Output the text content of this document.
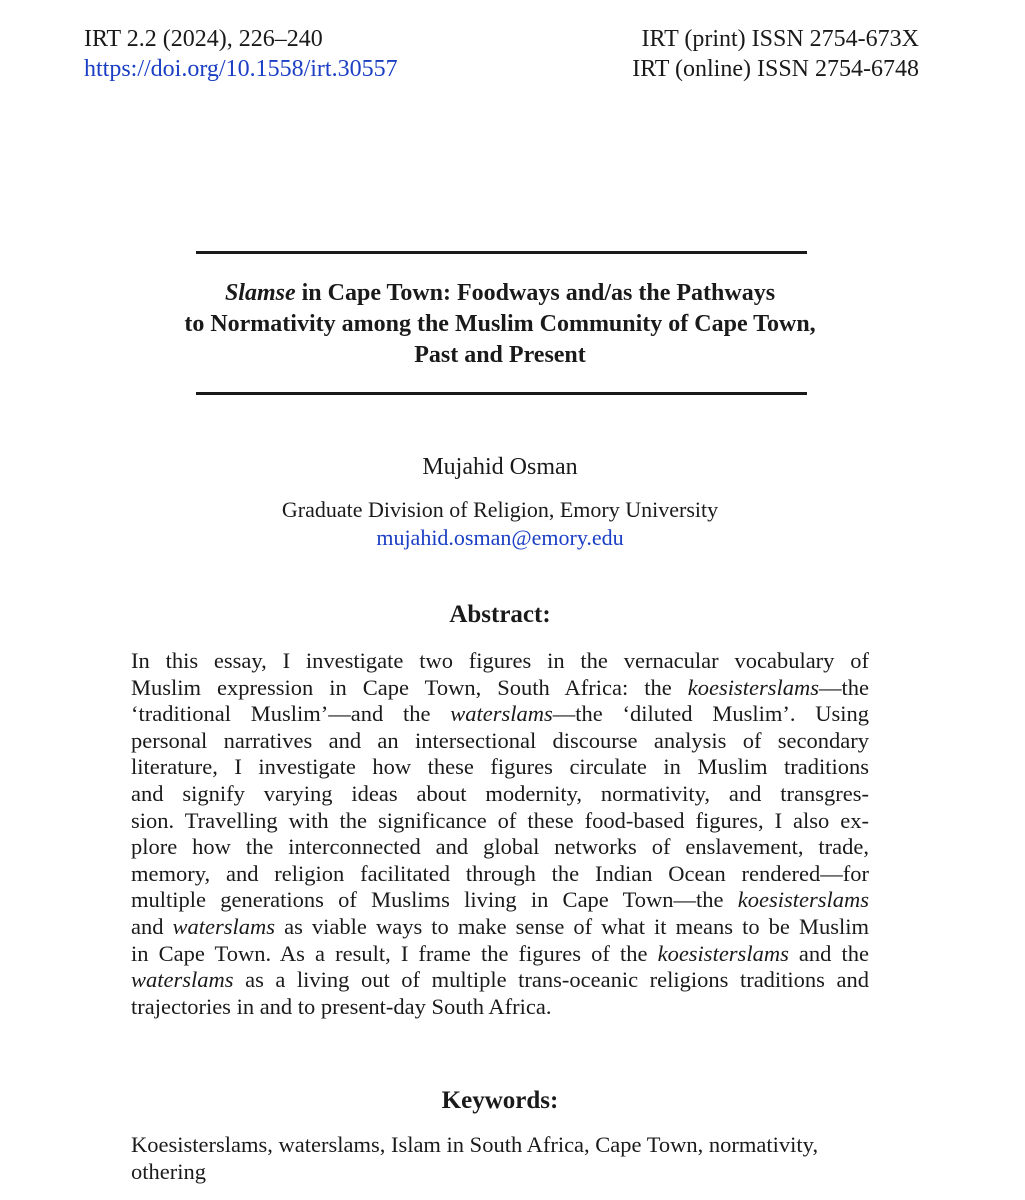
IRT 2.2 (2024), 226–240
https://doi.org/10.1558/irt.30557
IRT (print) ISSN 2754-673X
IRT (online) ISSN 2754-6748
Slamse in Cape Town: Foodways and/as the Pathways
to Normativity among the Muslim Community of Cape Town,
Past and Present
Mujahid Osman
Graduate Division of Religion, Emory University
mujahid.osman@emory.edu
Abstract:
In this essay, I investigate two figures in the vernacular vocabulary of
Muslim expression in Cape Town, South Africa: the koesisterslams—the
‘traditional Muslim’—and the waterslams—the ‘diluted Muslim’. Using
personal narratives and an intersectional discourse analysis of secondary
literature, I investigate how these figures circulate in Muslim traditions
and signify varying ideas about modernity, normativity, and transgres-
sion. Travelling with the significance of these food-based figures, I also ex-
plore how the interconnected and global networks of enslavement, trade,
memory, and religion facilitated through the Indian Ocean rendered—for
multiple generations of Muslims living in Cape Town—the koesisterslams
and waterslams as viable ways to make sense of what it means to be Muslim
in Cape Town. As a result, I frame the figures of the koesisterslams and the
waterslams as a living out of multiple trans-oceanic religions traditions and
trajectories in and to present-day South Africa.
Keywords:
Koesisterslams, waterslams, Islam in South Africa, Cape Town, normativity,
othering
